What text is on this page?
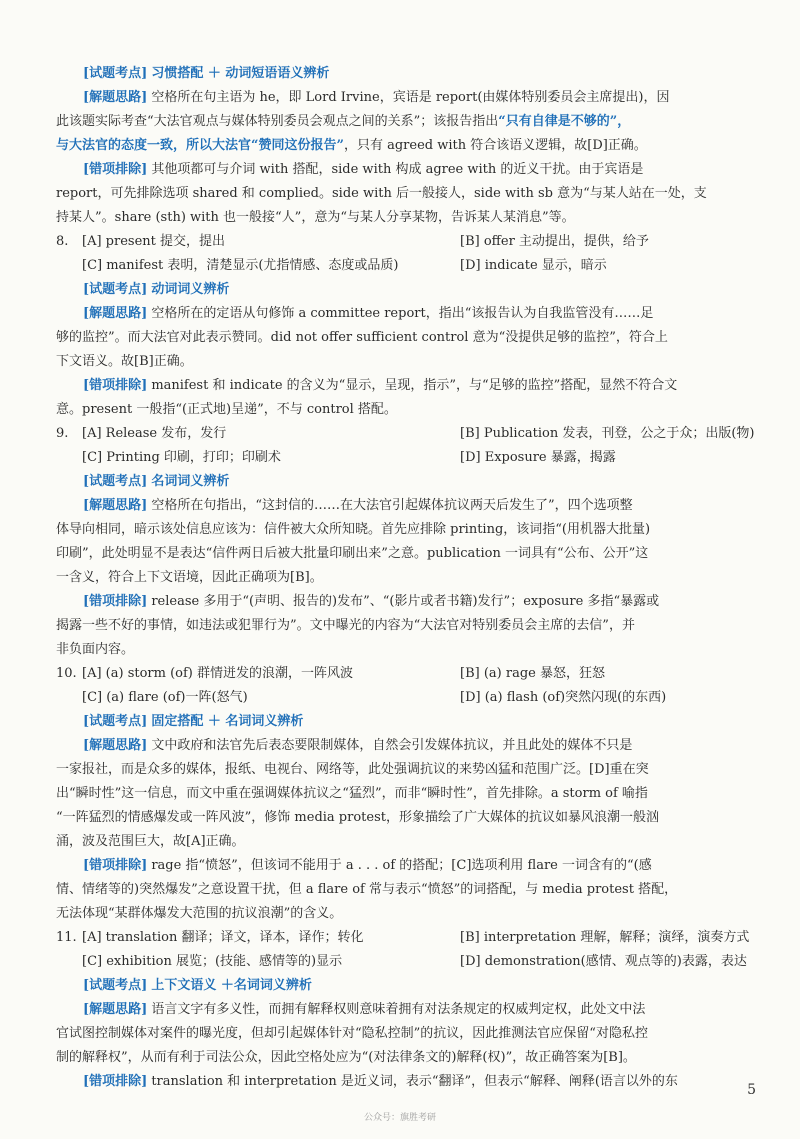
[试题考点] 习惯搭配 ＋ 动词短语语义辨析
[解题思路] 空格所在句主语为 he，即 Lord Irvine，宾语是 report(由媒体特别委员会主席提出)，因
此该题实际考查“大法官观点与媒体特别委员会观点之间的关系”；该报告指出“只有自律是不够的”，
与大法官的态度一致，所以大法官“赞同这份报告”，只有 agreed with 符合该语义逻辑，故[D]正确。
[错项排除] 其他项都可与介词 with 搭配，side with 构成 agree with 的近义干扰。由于宾语是
report，可先排除选项 shared 和 complied。side with 后一般接人，side with sb 意为“与某人站在一处，支
持某人”。share (sth) with 也一般接“人”，意为“与某人分享某物，告诉某人某消息”等。
[试题考点] 动词词义辨析
[解题思路] 空格所在的定语从句修饰 a committee report，指出“该报告认为自我监管没有……足
够的监控”。而大法官对此表示赞同。did not offer sufficient control 意为“没提供足够的监控”，符合上
下文语义。故[B]正确。
[错项排除] manifest 和 indicate 的含义为“显示，呈现，指示”，与“足够的监控”搭配，显然不符合文
意。present 一般指“(正式地)呈递”，不与 control 搭配。
[试题考点] 名词词义辨析
[解题思路] 空格所在句指出，“这封信的……在大法官引起媒体抗议两天后发生了”，四个选项整
体导向相同，暗示该处信息应该为：信件被大众所知晓。首先应排除 printing，该词指“(用机器大批量)
印刷”，此处明显不是表达“信件两日后被大批量印刷出来”之意。publication 一词具有“公布、公开”这
一含义，符合上下文语境，因此正确项为[B]。
[错项排除] release 多用于“(声明、报告的)发布”、“(影片或者书籍)发行”；exposure 多指“暴露或
揭露一些不好的事情，如违法或犯罪行为”。文中曝光的内容为“大法官对特别委员会主席的去信”，并
非负面内容。
[试题考点] 固定搭配 ＋ 名词词义辨析
[解题思路] 文中政府和法官先后表态要限制媒体，自然会引发媒体抗议，并且此处的媒体不只是
一家报社，而是众多的媒体，报纸、电视台、网络等，此处强调抗议的来势凶猛和范围广泛。[D]重在突
出“瞬时性”这一信息，而文中重在强调媒体抗议之“猛烈”，而非“瞬时性”，首先排除。a storm of 喻指
“一阵猛烈的情感爆发或一阵风波”，修饰 media protest，形象描绘了广大媒体的抗议如暴风浪潮一般汹
涌，波及范围巨大，故[A]正确。
[错项排除] rage 指“愤怒”，但该词不能用于 a . . . of 的搭配；[C]选项利用 flare 一词含有的“(感
情、情绪等的)突然爆发”之意设置干扰，但 a flare of 常与表示“愤怒”的词搭配，与 media protest 搭配，
无法体现“某群体爆发大范围的抗议浪潮”的含义。
[试题考点] 上下文语义 ＋名词词义辨析
[解题思路] 语言文字有多义性，而拥有解释权则意味着拥有对法条规定的权威判定权，此处文中法
官试图控制媒体对案件的曝光度，但却引起媒体针对“隐私控制”的抗议，因此推测法官应保留“对隐私控
制的解释权”，从而有利于司法公众，因此空格处应为“(对法律条文的)解释(权)”，故正确答案为[B]。
[错项排除] translation 和 interpretation 是近义词，表示“翻译”，但表示“解释、阐释(语言以外的东
8. [A] present 提交，提出	[B] offer 主动提出，提供，给予
[C] manifest 表明，清楚显示(尤指情感、态度或品质)	[D] indicate 显示，暗示
9. [A] Release 发布，发行	[B] Publication 发表，刊登，公之于众；出版(物)
[C] Printing 印刷，打印；印刷术	[D] Exposure 暴露，揭露
10. [A] (a) storm (of) 群情迸发的浪潮，一阵风波	[B] (a) rage 暴怒，狂怒
[C] (a) flare (of)一阵(怒气)	[D] (a) flash (of)突然闪现(的东西)
11. [A] translation 翻译；译文，译本，译作；转化	[B] interpretation 理解，解释；演绎，演奏方式
[C] exhibition 展览；(技能、感情等的)显示	[D] demonstration(感情、观点等的)表露，表达
5
公众号：旗胜考研
